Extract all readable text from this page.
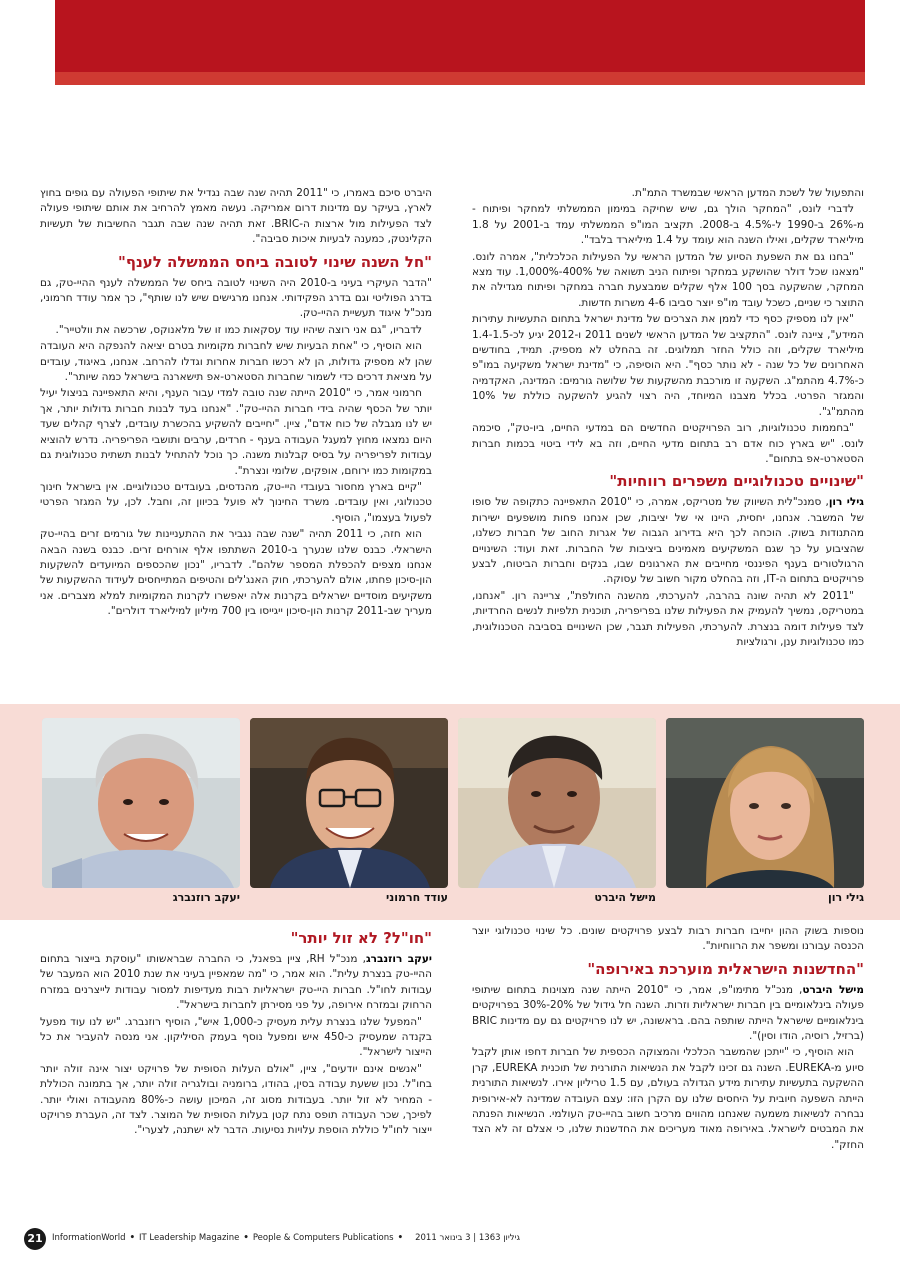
והתפעול של לשכת המדען הראשי שבמשרד התמ"ת.

לדברי לונס, "המחקר הולך גם, שיש שחיקה במימון הממשלתי למחקר ופיתוח - מ-26% ב-1990 ל-4.5% ב-2008. תקציב המו"פ הממשלתי עמד ב-2001 על 1.8 מיליארד שקלים, ואילו השנה הוא עומד על 1.4 מיליארד בלבד".

"בחנו גם את השפעת הסיוע של המדען הראשי על הפעילות הכלכלית", אמרה לונס. "מצאנו שכל דולר שהושקע במחקר ופיתוח הניב תשואה של 400%-1,000%. עוד מצא המחקר, שהשקעה בסך 100 אלף שקלים שמבצעת חברה במחקר ופיתוח מגדילה את התוצר כי שניים, כשכל עובד מו"פ יוצר סביבו 4-6 משרות חדשות.

"אין לנו מספיק כסף כדי לממן את הצרכים של מדינת ישראל בתחום התעשיות עתירות המידע", ציינה לונס. "התקציב של המדען הראשי לשנים 2011 ו-2012 יגיע לכ-1.4-1.5 מיליארד שקלים, וזה כולל החזר תמלוגים. זה בהחלט לא מספיק. תמיד, בחודשים האחרונים של כל שנה - לא נותר כסף". היא הוסיפה, כי "מדינת ישראל משקיעה במו"פ כ-4.7% מהתמ"ג. השקעה זו מורכבת מהשקעות של שלושה גורמים: המדינה, האקדמיה והמגזר הפרטי. בכלל מצבנו המיוחד, היה רצוי להגיע להשקעה כוללת של 10% מהתמ"ג".

"בחממות טכנולוגיות, רוב הפרויקטים החדשים הם במדעי החיים, ביו-טק", סיכמה לונס. "יש בארץ כוח אדם רב בתחום מדעי החיים, וזה בא לידי ביטוי בכמות חברות הסטארט-אפ בתחום".

"שינויים טכנולוגיים משפרים רווחיות"

גילי רון, סמנכ"לית השיווק של מטריקס, אמרה, כי "2010 התאפיינה כתקופה של סופו של המשבר. אנחנו, יחסית, היינו אי של יציבות, שכן אנחנו פחות מושפעים ישירות מהתנודות בשוק. הוכחה לכך היא בדירוג הגבוה של אגרות החוב של חברות כשלנו, שהציבוע על כך שגם המשקיעים מאמינים ביציבות של החברות. זאת ועוד: השינויים הרגולטורים בענף הפיננסי מחייבים את הארגונים שבו, בנקים וחברות הביטוח, לבצע פרויקטים בתחום ה-IT, וזה בהחלט מקור חשוב של עסוקה.

"2011 לא תהיה שונה בהרבה, להערכתי, מהשנה החולפת", צריינה רון. "אנחנו, במטריקס, נמשיך להעמיק את הפעילות שלנו בפריפריה, תוכנית תלפיות לנשים החרדיות, לצד פעילות דומה בנצרת. להערכתי, הפעילות תגבר, שכן השינויים בסביבה הטכנולוגית, כמו טכנולוגיות ענן, ורגולציות

היברט סיכם באמרו, כי "2011 תהיה שנה שבה נגדיל את שיתופי הפעולה עם גופים בחוץ לארץ, בעיקר עם מדינות דרום אמריקה. נעשה מאמץ להרחיב את אותם שיתופי פעולה לצד הפעילות מול ארצות ה-BRIC. זאת תהיה שנה שבה תגבר החשיבות של תעשיות הקלינטק, כמענה לבעיות איכות סביבה".

"חל השנה שינוי לטובה ביחס הממשלה לענף"

"הדבר העיקרי בעיני ב-2010 היה השינוי לטובה ביחס של הממשלה לענף ההיי-טק, גם בדרג הפוליטי וגם בדרג הפקידותי. אנחנו מרגישים שיש לנו שותף", כך אמר עודד חרמוני, מנכ"ל איגוד תעשיית ההיי-טק.

לדבריו, "גם אני רוצה שיהיו עוד עסקאות כמו זו של מלאנוקס, שרכשה את וולטייר".

הוא הוסיף, כי "אחת הבעיות שיש לחברות מקומיות בטרם יציאה להנפקה היא העובדה שהן לא מספיק גדולות, הן לא רכשו חברות אחרות וגדלו להרחב. אנחנו, באיגוד, עובדים על מציאת דרכים כדי לשמור שחברות הסטארט-אפ תישארנה בישראל כמה שיותר".

חרמוני אמר, כי "2010 הייתה שנה טובה למדי עבור הענף, והיא התאפיינה בניצול יעיל יותר של הכסף שהיה בידי חברות ההיי-טק". "אנחנו בעד לבנות חברות גדולות יותר, אך יש לנו מגבלה של כוח אדם", ציין. "יחייבים להשקיע בהכשרת עובדים, לצרף קהלים שעד היום נמצאו מחוץ למעגל העבודה בענף - חרדים, ערבים ותושבי הפריפריה. נדרש להוציא עבודות לפריפריה על בסיס קבלנות משנה. כך נוכל להתחיל לבנות תשתית טכנולוגית גם במקומות כמו ירוחם, אופקים, שלומי ונצרת".

"קיים בארץ מחסור בעובדי היי-טק, מהנדסים, בעובדים טכנולוגיים. אין בישראל חינוך טכנולוגי, ואין עובדים. משרד החינוך לא פועל בכיוון זה, וחבל. לכן, על המגזר הפרטי לפעול בעצמו", הוסיף.

הוא חזה, כי 2011 תהיה "שנה שבה נגביר את ההתעניינות של גורמים זרים בהיי-טק הישראלי. כבנס שלנו שנערך ב-2010 השתתפו אלף אורחים זרים. כבנס בשנה הבאה אנחנו מצפים להכפלת המספר שלהם". לדבריו, "נכון שהכספים המיועדים להשקעות הון-סיכון פחתו, אולם להערכתי, חוק האנג'לים והטיפים המתייחסים לעידוד ההשקעות של משקיעים מוסדיים ישראלים בקרנות אלה יאפשרו לקרנות המקומיות למלא מצברים. אני מעריך שב-2011 קרנות הון-סיכון ייגייסו בין 700 מיליון למיליארד דולרים".

גילי רון
מישל היברט
עודד חרמוני
יעקב רוזנברג

נוספות בשוק ההון יחייבו חברות רבות לבצע פרויקטים שונים. כל שינוי טכנולוגי יוצר הכנסה עבורנו ומשפר את הרווחיות".

"החדשנות הישראלית מוערכת באירופה"

מישל היברט, מנכ"ל מתימו"פ, אמר, כי "2010 הייתה שנה מצוינות בתחום שיתופי פעולה בינלאומיים בין חברות ישראליות וזרות. השנה חל גידול של 20%-30% בפרויקטים בינלאומיים שישראל הייתה שותפה בהם. בראשונה, יש לנו פרויקטים גם עם מדינות BRIC (ברזיל, רוסיה, הודו וסין)".

הוא הוסיף, כי "ייתכן שהמשבר הכלכלי והמצוקה הכספית של חברות דחפו אותן לקבל סיוע מ-EUREKA. השנה גם זכינו לקבל את הנשיאות התורנית של תוכנית EUREKA, קרן ההשקעה בתעשיות עתירות מידע הגדולה בעולם, עם 1.5 טריליון אירו. לנשיאות התורנית הייתה השפעה חיובית על היחסים שלנו עם הקרן הזו: עצם העובדה שמדינה לא-אירופית נבחרה לנשיאות משמעה שאנחנו מהווים מרכיב חשוב בהיי-טק העולמי. הנשיאות הפנתה את המבטים לישראל. באירופה מאוד מעריכים את החדשנות שלנו, כי אצלם זה לא הצד החזק".

"חו"ל? לא זול יותר"

יעקב רוזנברג, מנכ"ל RH, ציין בפאנל, כי החברה שבראשותו "עוסקת בייצור בתחום ההיי-טק בנצרת עלית". הוא אמר, כי "מה שמאפיין בעיני את שנת 2010 הוא המעבר של עבודות לחו"ל. חברות היי-טק ישראליות רבות מעדיפות למסור עבודות לייצרנים במזרח הרחוק ובמזרח אירופה, על פני מסירתן לחברות בישראל".

"המפעל שלנו בנצרת עלית מעסיק כ-1,000 איש", הוסיף רוזנברג. "יש לנו עוד מפעל בקנדה שמעסיק כ-450 איש ומפעל נוסף בעמק הסיליקון. אני מנסה להעביר את כל הייצור לישראל".

"אנשים אינם יודעים", ציין, "אולם העלות הסופית של פרויקט יצור אינה זולה יותר בחו"ל. נכון ששעת עבודה בסין, בהודו, ברומניה ובולגריה זולה יותר, אך בתמונה הכוללת - המחיר לא זול יותר. בעבודות מסוג זה, המיכון עושה כ-80% מהעבודה ואולי יותר. לפיכך, שכר העבודה תופס נתח קטן בעלות הסופית של המוצר. לצד זה, העברת פרויקט ייצור לחו"ל כוללת הוספת עלויות נסיעות. הדבר לא ישתנה, לצערי".

21	InformationWorld • IT Leadership Magazine • People & Computers Publications •	גיליון 1363 | 3 בינואר 2011
